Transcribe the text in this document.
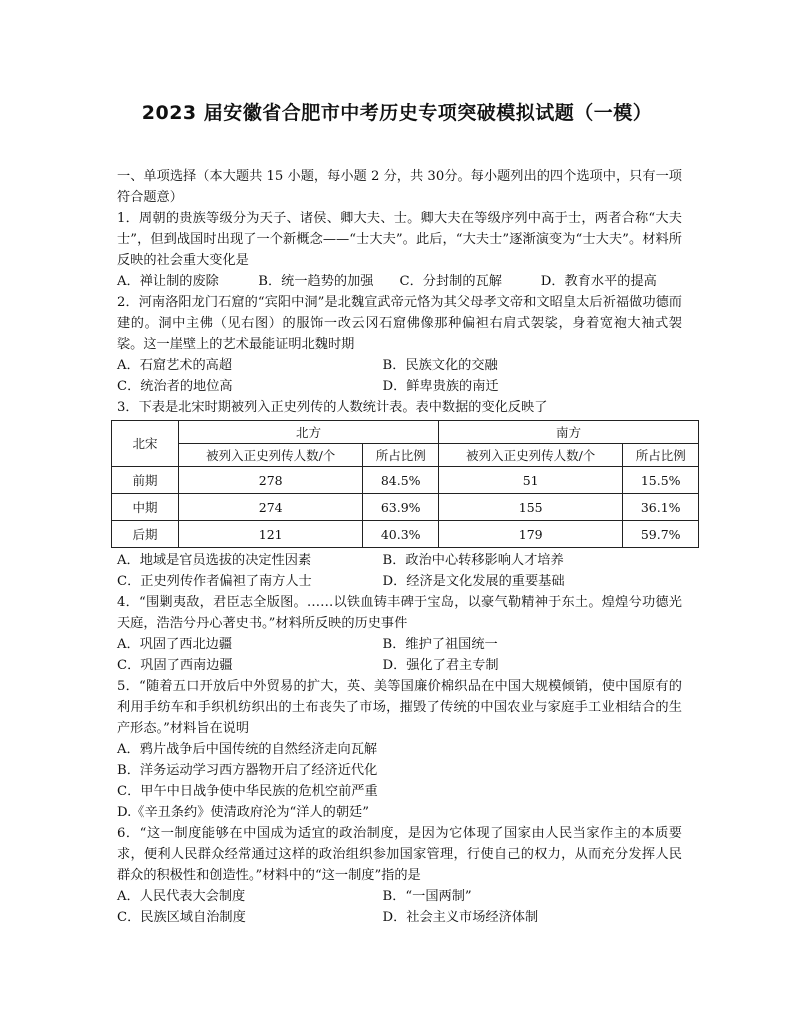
2023 届安徽省合肥市中考历史专项突破模拟试题（一模）

一、单项选择（本大题共 15 小题，每小题 2 分，共 30分。每小题列出的四个选项中，只有一项符合题意）

1．周朝的贵族等级分为天子、诸侯、卿大夫、士。卿大夫在等级序列中高于士，两者合称“大夫士”，但到战国时出现了一个新概念——“士大夫”。此后，“大夫士”逐渐演变为“士大夫”。材料所反映的社会重大变化是

A．禅让制的废除	B．统一趋势的加强	C．分封制的瓦解	D．教育水平的提高

2．河南洛阳龙门石窟的“宾阳中洞”是北魏宣武帝元恪为其父母孝文帝和文昭皇太后祈福做功德而建的。洞中主佛（见右图）的服饰一改云冈石窟佛像那种偏袒右肩式袈裟，身着宽袍大袖式袈裟。这一崖壁上的艺术最能证明北魏时期

A．石窟艺术的高超	B．民族文化的交融
C．统治者的地位高	D．鲜卑贵族的南迁

3．下表是北宋时期被列入正史列传的人数统计表。表中数据的变化反映了

北宋	北方		南方	
	被列入正史列传人数/个	所占比例	被列入正史列传人数/个	所占比例
前期	278	84.5%	51	15.5%
中期	274	63.9%	155	36.1%
后期	121	40.3%	179	59.7%
A．地域是官员选拔的决定性因素	B．政治中心转移影响人才培养
C．正史列传作者偏袒了南方人士	D．经济是文化发展的重要基础

4．“围剿夷敌，君臣志全版图。……以铁血铸丰碑于宝岛，以豪气勒精神于东土。煌煌兮功德光天庭，浩浩兮丹心著史书。”材料所反映的历史事件

A．巩固了西北边疆	B．维护了祖国统一
C．巩固了西南边疆	D．强化了君主专制

5．“随着五口开放后中外贸易的扩大，英、美等国廉价棉织品在中国大规模倾销，使中国原有的利用手纺车和手织机纺织出的土布丧失了市场，摧毁了传统的中国农业与家庭手工业相结合的生产形态。”材料旨在说明

A．鸦片战争后中国传统的自然经济走向瓦解
B．洋务运动学习西方器物开启了经济近代化
C．甲午中日战争使中华民族的危机空前严重
D.《辛丑条约》使清政府沦为“洋人的朝廷”

6．“这一制度能够在中国成为适宜的政治制度，是因为它体现了国家由人民当家作主的本质要求，便利人民群众经常通过这样的政治组织参加国家管理，行使自己的权力，从而充分发挥人民群众的积极性和创造性。”材料中的“这一制度”指的是

A．人民代表大会制度	B．“一国两制”
C．民族区域自治制度	D．社会主义市场经济体制
